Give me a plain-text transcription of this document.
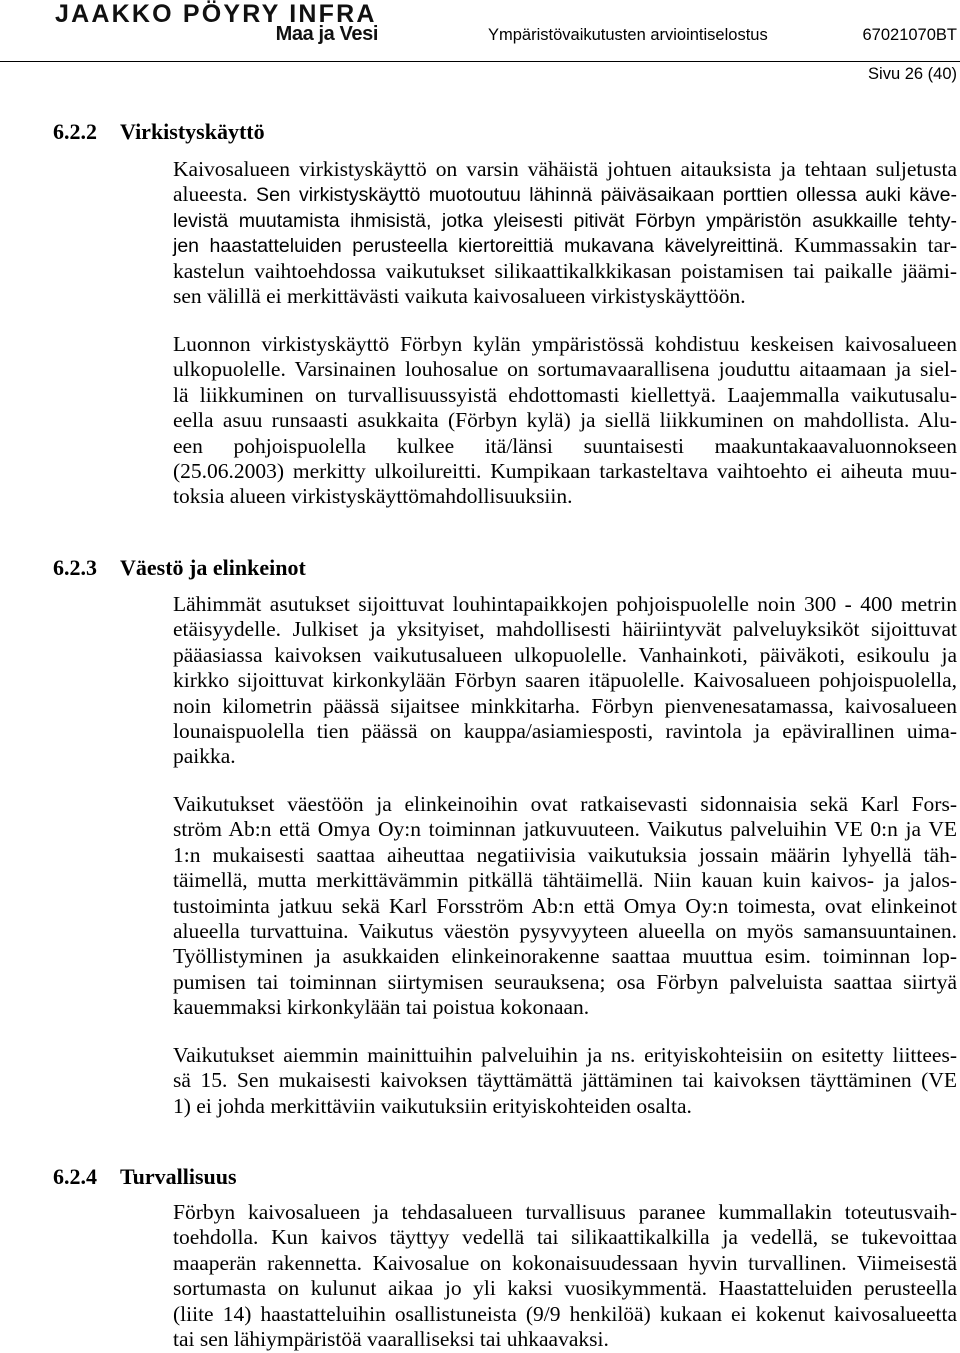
JAAKKO PÖYRY INFRA
Maa ja Vesi	Ympäristövaikutusten arviointiselostus	67021070BT
Sivu 26 (40)
6.2.2 Virkistyskäyttö
Kaivosalueen virkistyskäyttö on varsin vähäistä johtuen aitauksista ja tehtaan suljetusta
alueesta. Sen virkistyskäyttö muotoutuu lähinnä päiväsaikaan porttien ollessa auki käve-
levistä muutamista ihmisistä, jotka yleisesti pitivät Förbyn ympäristön asukkaille tehty-
jen haastatteluiden perusteella kiertoreittiä mukavana kävelyreittinä. Kummassakin tar-
kastelun vaihtoehdossa vaikutukset silikaattikalkkikasan poistamisen tai paikalle jäämi-
sen välillä ei merkittävästi vaikuta kaivosalueen virkistyskäyttöön.
Luonnon virkistyskäyttö Förbyn kylän ympäristössä kohdistuu keskeisen kaivosalueen
ulkopuolelle. Varsinainen louhosalue on sortumavaarallisena jouduttu aitaamaan ja siel-
lä liikkuminen on turvallisuussyistä ehdottomasti kiellettyä. Laajemmalla vaikutusalu-
eella asuu runsaasti asukkaita (Förbyn kylä) ja siellä liikkuminen on mahdollista. Alu-
een pohjoispuolella kulkee itä/länsi suuntaisesti maakuntakaavaluonnokseen
(25.06.2003) merkitty ulkoilureitti. Kumpikaan tarkasteltava vaihtoehto ei aiheuta muu-
toksia alueen virkistyskäyttömahdollisuuksiin.
6.2.3 Väestö ja elinkeinot
Lähimmät asutukset sijoittuvat louhintapaikkojen pohjoispuolelle noin 300 - 400 metrin
etäisyydelle. Julkiset ja yksityiset, mahdollisesti häiriintyvät palveluyksiköt sijoittuvat
pääasiassa kaivoksen vaikutusalueen ulkopuolelle. Vanhainkoti, päiväkoti, esikoulu ja
kirkko sijoittuvat kirkonkylään Förbyn saaren itäpuolelle. Kaivosalueen pohjoispuolella,
noin kilometrin päässä sijaitsee minkkitarha. Förbyn pienvenesatamassa, kaivosalueen
lounaispuolella tien päässä on kauppa/asiamiesposti, ravintola ja epävirallinen uima-
paikka.
Vaikutukset väestöön ja elinkeinoihin ovat ratkaisevasti sidonnaisia sekä Karl Fors-
ström Ab:n että Omya Oy:n toiminnan jatkuvuuteen. Vaikutus palveluihin VE 0:n ja VE
1:n mukaisesti saattaa aiheuttaa negatiivisia vaikutuksia jossain määrin lyhyellä täh-
täimellä, mutta merkittävämmin pitkällä tähtäimellä. Niin kauan kuin kaivos- ja jalos-
tustoiminta jatkuu sekä Karl Forsström Ab:n että Omya Oy:n toimesta, ovat elinkeinot
alueella turvattuina. Vaikutus väestön pysyvyyteen alueella on myös samansuuntainen.
Työllistyminen ja asukkaiden elinkeinorakenne saattaa muuttua esim. toiminnan lop-
pumisen tai toiminnan siirtymisen seurauksena; osa Förbyn palveluista saattaa siirtyä
kauemmaksi kirkonkylään tai poistua kokonaan.
Vaikutukset aiemmin mainittuihin palveluihin ja ns. erityiskohteisiin on esitetty liittees-
sä 15. Sen mukaisesti kaivoksen täyttämättä jättäminen tai kaivoksen täyttäminen (VE
1) ei johda merkittäviin vaikutuksiin erityiskohteiden osalta.
6.2.4 Turvallisuus
Förbyn kaivosalueen ja tehdasalueen turvallisuus paranee kummallakin toteutusvaih-
toehdolla. Kun kaivos täyttyy vedellä tai silikaattikalkilla ja vedellä, se tukevoittaa
maaperän rakennetta. Kaivosalue on kokonaisuudessaan hyvin turvallinen. Viimeisestä
sortumasta on kulunut aikaa jo yli kaksi vuosikymmentä. Haastatteluiden perusteella
(liite 14) haastatteluihin osallistuneista (9/9 henkilöä) kukaan ei kokenut kaivosalueetta
tai sen lähiympäristöä vaaralliseksi tai uhkaavaksi.
